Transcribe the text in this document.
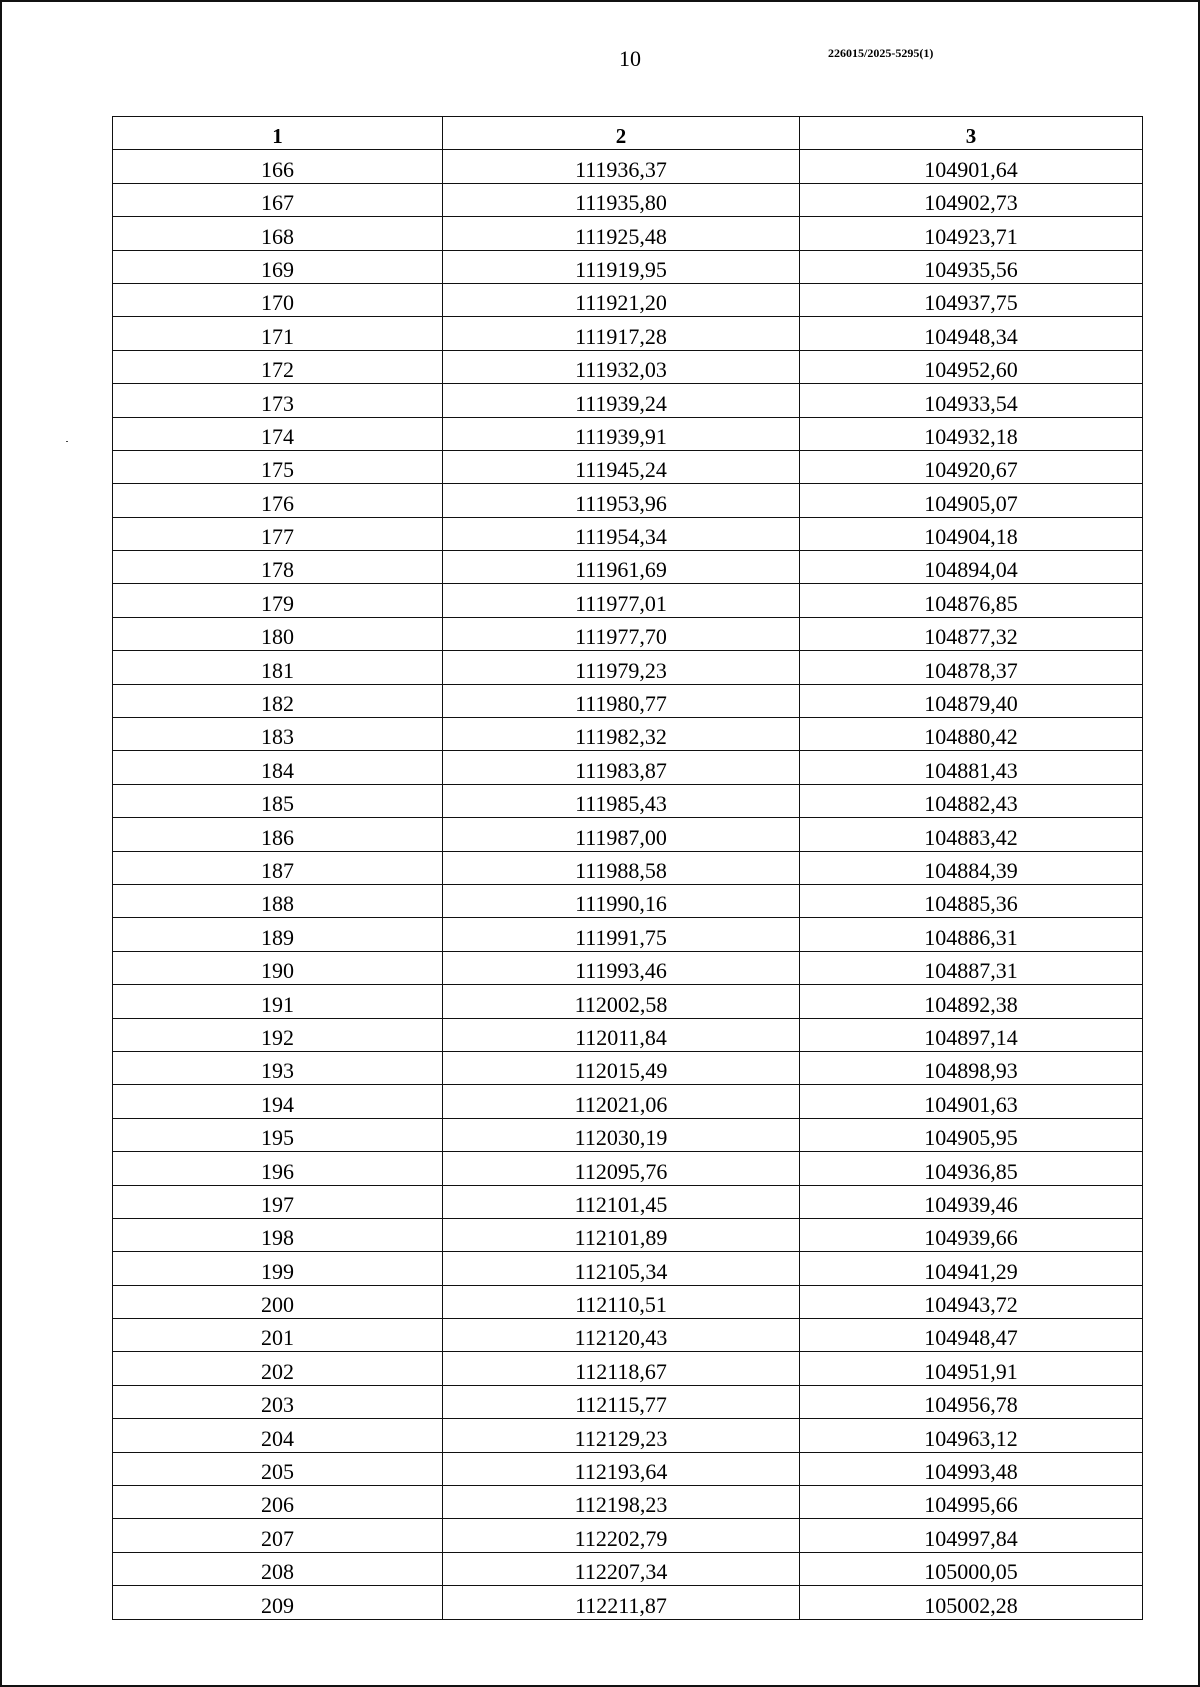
10	226015/2025-5295(1)
1	2	3
166	111936,37	104901,64
167	111935,80	104902,73
168	111925,48	104923,71
169	111919,95	104935,56
170	111921,20	104937,75
171	111917,28	104948,34
172	111932,03	104952,60
173	111939,24	104933,54
174	111939,91	104932,18
175	111945,24	104920,67
176	111953,96	104905,07
177	111954,34	104904,18
178	111961,69	104894,04
179	111977,01	104876,85
180	111977,70	104877,32
181	111979,23	104878,37
182	111980,77	104879,40
183	111982,32	104880,42
184	111983,87	104881,43
185	111985,43	104882,43
186	111987,00	104883,42
187	111988,58	104884,39
188	111990,16	104885,36
189	111991,75	104886,31
190	111993,46	104887,31
191	112002,58	104892,38
192	112011,84	104897,14
193	112015,49	104898,93
194	112021,06	104901,63
195	112030,19	104905,95
196	112095,76	104936,85
197	112101,45	104939,46
198	112101,89	104939,66
199	112105,34	104941,29
200	112110,51	104943,72
201	112120,43	104948,47
202	112118,67	104951,91
203	112115,77	104956,78
204	112129,23	104963,12
205	112193,64	104993,48
206	112198,23	104995,66
207	112202,79	104997,84
208	112207,34	105000,05
209	112211,87	105002,28
